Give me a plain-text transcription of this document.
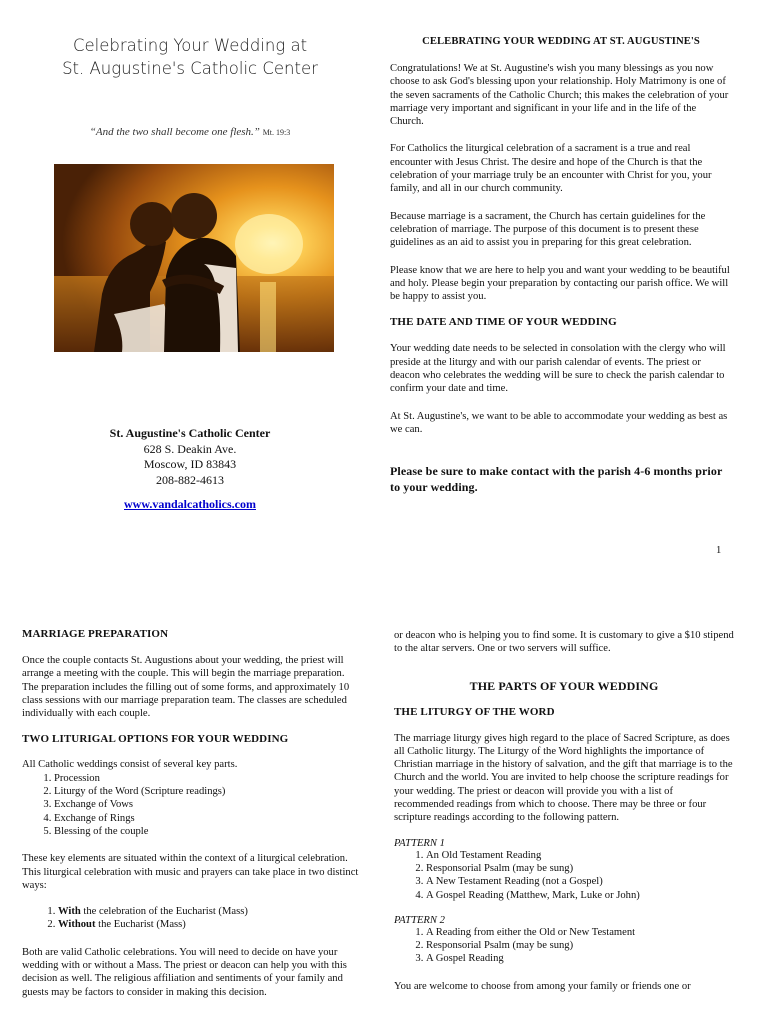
Celebrating Your Wedding at
St. Augustine's Catholic Center
“And the two shall become one flesh.” Mt. 19:3
St. Augustine's Catholic Center
628 S. Deakin Ave.
Moscow, ID 83843
208-882-4613
www.vandalcatholics.com

CELEBRATING YOUR WEDDING AT ST. AUGUSTINE'S

Congratulations! We at St. Augustine's wish you many blessings as you now choose to ask God's blessing upon your relationship. Holy Matrimony is one of the seven sacraments of the Catholic Church; this makes the celebration of your marriage very important and significant in your life and in the life of the Church.

For Catholics the liturgical celebration of a sacrament is a true and real encounter with Jesus Christ. The desire and hope of the Church is that the celebration of your marriage truly be an encounter with Christ for you, your family, and all in our church community.

Because marriage is a sacrament, the Church has certain guidelines for the celebration of marriage. The purpose of this document is to present these guidelines as an aid to assist you in preparing for this great celebration.

Please know that we are here to help you and want your wedding to be beautiful and holy. Please begin your preparation by contacting our parish office. We will be happy to assist you.

THE DATE AND TIME OF YOUR WEDDING

Your wedding date needs to be selected in consolation with the clergy who will preside at the liturgy and with our parish calendar of events. The priest or deacon who celebrates the wedding will be sure to check the parish calendar to confirm your date and time.

At St. Augustine's, we want to be able to accommodate your wedding as best as we can.

Please be sure to make contact with the parish 4-6 months prior to your wedding.

1

MARRIAGE PREPARATION

Once the couple contacts St. Augustions about your wedding, the priest will arrange a meeting with the couple. This will begin the marriage preparation. The preparation includes the filling out of some forms, and approximately 10 class sessions with our marriage preparation team. The classes are scheduled individually with each couple.

TWO LITURIGAL OPTIONS FOR YOUR WEDDING

All Catholic weddings consist of several key parts.

1. Procession
2. Liturgy of the Word (Scripture readings)
3. Exchange of Vows
4. Exchange of Rings
5. Blessing of the couple

These key elements are situated within the context of a liturgical celebration. This liturgical celebration with music and prayers can take place in two distinct ways:

1. With the celebration of the Eucharist (Mass)
2. Without the Eucharist (Mass)

Both are valid Catholic celebrations. You will need to decide on have your wedding with or without a Mass. The priest or deacon can help you with this decision as well. The religious affiliation and sentiments of your family and guests may be factors to consider in making this decision.

or deacon who is helping you to find some. It is customary to give a $10 stipend to the altar servers. One or two servers will suffice.

THE PARTS OF YOUR WEDDING

THE LITURGY OF THE WORD

The marriage liturgy gives high regard to the place of Sacred Scripture, as does all Catholic liturgy. The Liturgy of the Word highlights the importance of Christian marriage in the history of salvation, and the gift that marriage is to the Church and the world. You are invited to help choose the scripture readings for your wedding. The priest or deacon will provide you with a list of recommended readings from which to choose. There may be three or four scripture readings according to the following pattern.

PATTERN 1

1. An Old Testament Reading
2. Responsorial Psalm (may be sung)
3. A New Testament Reading (not a Gospel)
4. A Gospel Reading (Matthew, Mark, Luke or John)

PATTERN 2

1. A Reading from either the Old or New Testament
2. Responsorial Psalm (may be sung)
3. A Gospel Reading

You are welcome to choose from among your family or friends one or
